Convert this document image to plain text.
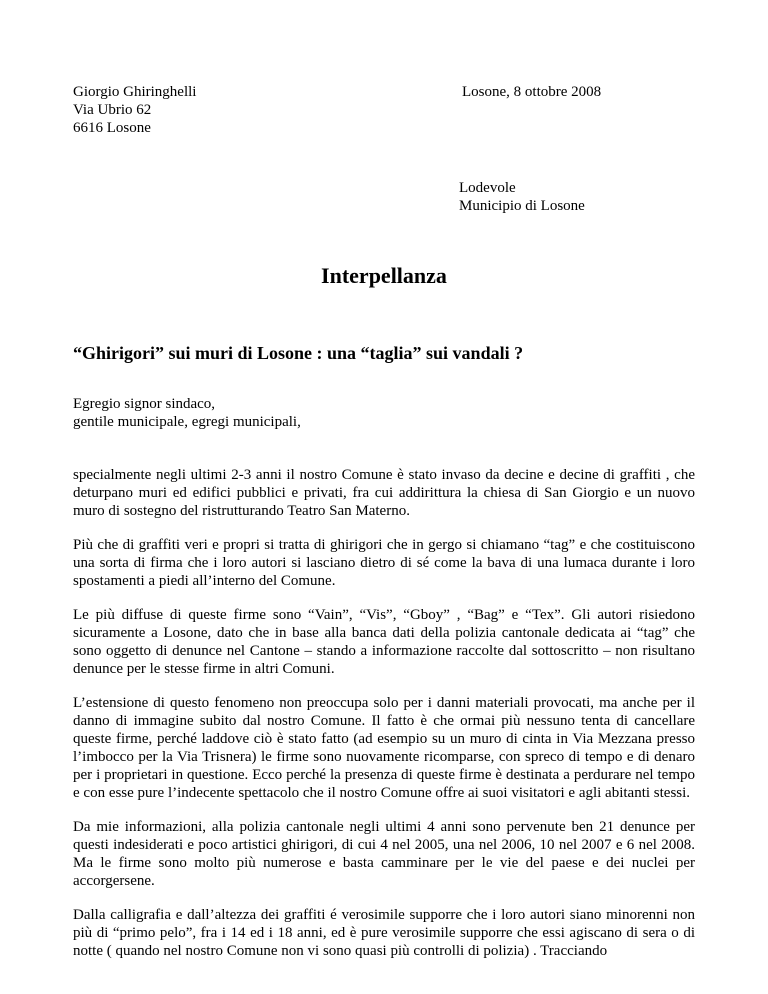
Giorgio Ghiringhelli
Via Ubrio 62
6616 Losone
Losone, 8 ottobre 2008
Lodevole
Municipio di Losone
Interpellanza
“Ghirigori” sui muri di Losone : una “taglia” sui vandali ?
Egregio signor sindaco,
gentile municipale, egregi municipali,

specialmente negli ultimi 2-3 anni il nostro Comune è stato invaso da decine e decine di graffiti , che deturpano muri ed edifici pubblici e privati, fra cui addirittura la chiesa di San Giorgio e un nuovo muro di sostegno del ristrutturando Teatro San Materno.

Più che di graffiti veri e propri si tratta di ghirigori che in gergo si chiamano “tag” e che costituiscono una sorta di firma che i loro autori si lasciano dietro di sé come la bava di una lumaca durante i loro spostamenti a piedi all’interno del Comune.

Le più diffuse di queste firme sono “Vain”, “Vis”, “Gboy” , “Bag” e “Tex”. Gli autori risiedono sicuramente a Losone, dato che in base alla banca dati della polizia cantonale dedicata ai “tag” che sono oggetto di denunce nel Cantone – stando a informazione raccolte dal sottoscritto – non risultano denunce per le stesse firme in altri Comuni.

L’estensione di questo fenomeno non preoccupa solo per i danni materiali provocati, ma anche per il danno di immagine subito dal nostro Comune. Il fatto è che ormai più nessuno tenta di cancellare queste firme, perché laddove ciò è stato fatto (ad esempio su un muro di cinta in Via Mezzana presso l’imbocco per la Via Trisnera) le firme sono nuovamente ricomparse, con spreco di tempo e di denaro per i proprietari in questione. Ecco perché la presenza di queste firme è destinata a perdurare nel tempo e con esse pure l’indecente spettacolo che il nostro Comune offre ai suoi visitatori e agli abitanti stessi.

Da mie informazioni, alla polizia cantonale negli ultimi 4 anni sono pervenute ben 21 denunce per questi indesiderati e poco artistici ghirigori, di cui 4 nel 2005, una nel 2006, 10 nel 2007 e 6 nel 2008. Ma le firme sono molto più numerose e basta camminare per le vie del paese e dei nuclei per accorgersene.

Dalla calligrafia e dall’altezza dei graffiti é verosimile supporre che i loro autori siano minorenni non più di “primo pelo”, fra i 14 ed i 18 anni, ed è pure verosimile supporre che essi agiscano di sera o di notte ( quando nel nostro Comune non vi sono quasi più controlli di polizia) . Tracciando
